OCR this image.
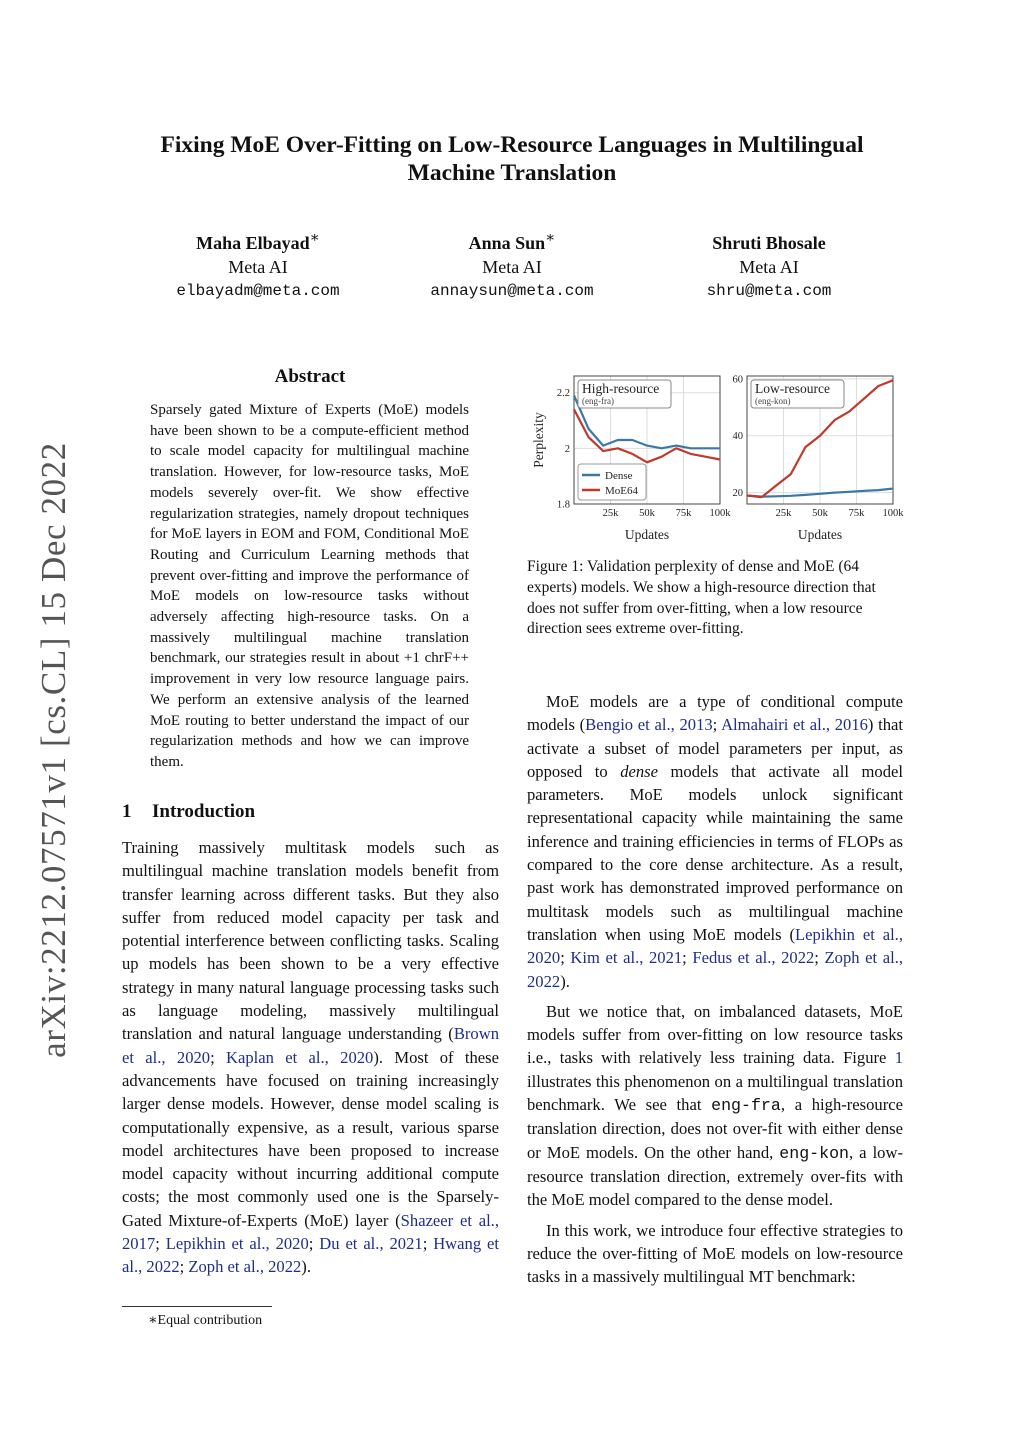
arXiv:2212.07571v1 [cs.CL] 15 Dec 2022
Fixing MoE Over-Fitting on Low-Resource Languages in Multilingual
Machine Translation
Maha Elbayad∗
Meta AI
elbayadm@meta.com
Anna Sun∗
Meta AI
annaysun@meta.com
Shruti Bhosale
Meta AI
shru@meta.com
Abstract

Sparsely gated Mixture of Experts (MoE) models have been shown to be a compute-efficient method to scale model capacity for multilingual machine translation. However, for low-resource tasks, MoE models severely over-fit. We show effective regularization strategies, namely dropout techniques for MoE layers in EOM and FOM, Conditional MoE Routing and Curriculum Learning methods that prevent over-fitting and improve the performance of MoE models on low-resource tasks without adversely affecting high-resource tasks. On a massively multilingual machine translation benchmark, our strategies result in about +1 chrF++ improvement in very low resource language pairs. We perform an extensive analysis of the learned MoE routing to better understand the impact of our regularization methods and how we can improve them.

1 Introduction

Training massively multitask models such as multilingual machine translation models benefit from transfer learning across different tasks. But they also suffer from reduced model capacity per task and potential interference between conflicting tasks. Scaling up models has been shown to be a very effective strategy in many natural language processing tasks such as language modeling, massively multilingual translation and natural language understanding (Brown et al., 2020; Kaplan et al., 2020). Most of these advancements have focused on training increasingly larger dense models. However, dense model scaling is computationally expensive, as a result, various sparse model architectures have been proposed to increase model capacity without incurring additional compute costs; the most commonly used one is the Sparsely-Gated Mixture-of-Experts (MoE) layer (Shazeer et al., 2017; Lepikhin et al., 2020; Du et al., 2021; Hwang et al., 2022; Zoph et al., 2022).

∗Equal contribution
25k 50k 75k 100k
1.8
2
2.2 High-resource
(eng-fra)
Updates
Perplexity
Dense
MoE64
25k 50k 75k 100k
20
40
60
Low-resource
(eng-kon)
Updates

Figure 1: Validation perplexity of dense and MoE (64 experts) models. We show a high-resource direction that does not suffer from over-fitting, when a low resource direction sees extreme over-fitting.

MoE models are a type of conditional compute models (Bengio et al., 2013; Almahairi et al., 2016) that activate a subset of model parameters per input, as opposed to dense models that activate all model parameters. MoE models unlock significant representational capacity while maintaining the same inference and training efficiencies in terms of FLOPs as compared to the core dense architecture. As a result, past work has demonstrated improved performance on multitask models such as multilingual machine translation when using MoE models (Lepikhin et al., 2020; Kim et al., 2021; Fedus et al., 2022; Zoph et al., 2022).

But we notice that, on imbalanced datasets, MoE models suffer from over-fitting on low resource tasks i.e., tasks with relatively less training data. Figure 1 illustrates this phenomenon on a multilingual translation benchmark. We see that eng-fra, a high-resource translation direction, does not over-fit with either dense or MoE models. On the other hand, eng-kon, a low-resource translation direction, extremely over-fits with the MoE model compared to the dense model.

In this work, we introduce four effective strategies to reduce the over-fitting of MoE models on low-resource tasks in a massively multilingual MT benchmark:
